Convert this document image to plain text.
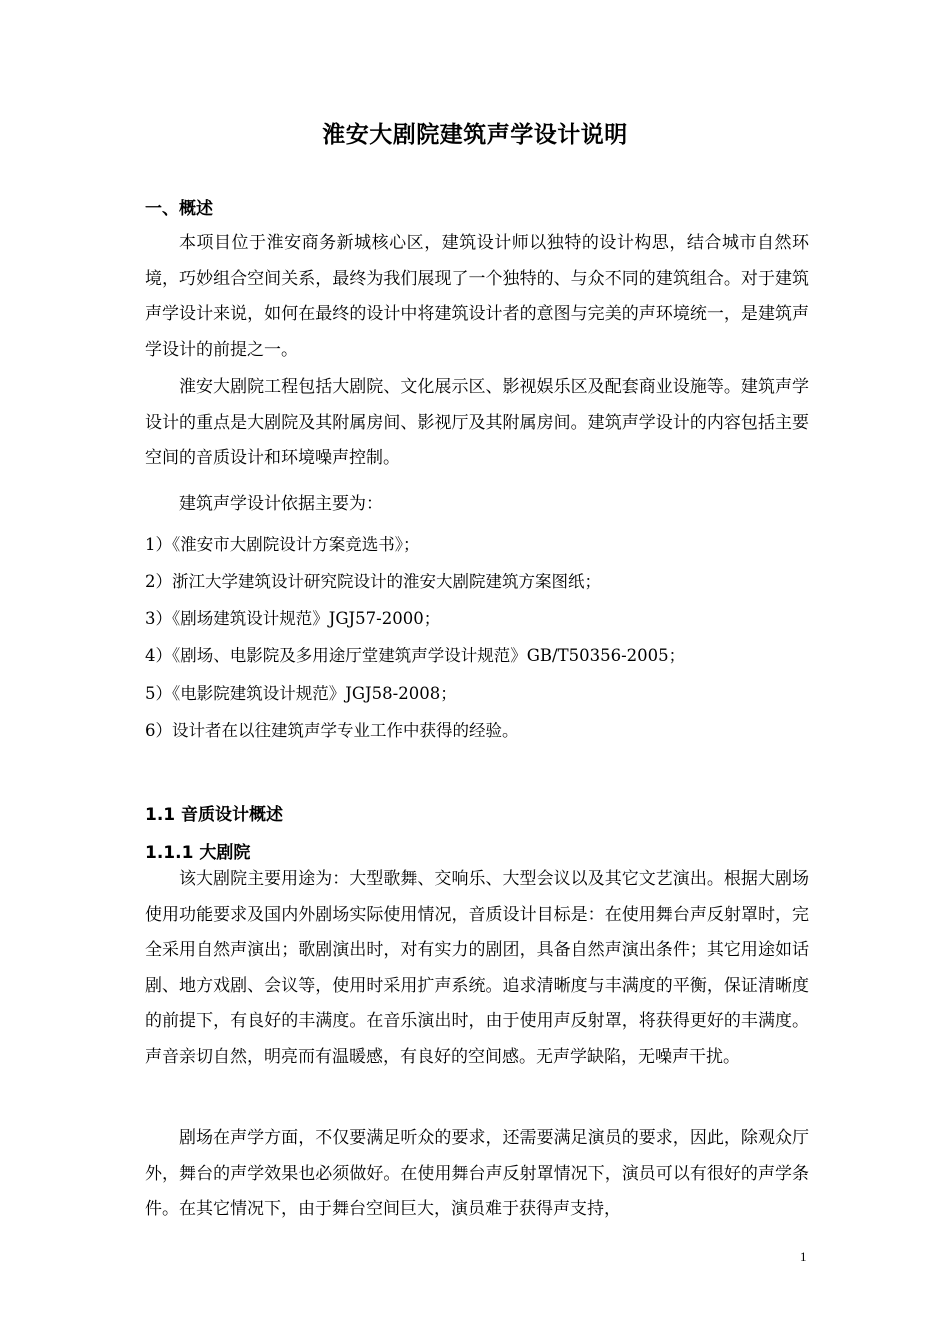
淮安大剧院建筑声学设计说明
一、概述

本项目位于淮安商务新城核心区，建筑设计师以独特的设计构思，结合城市自然环境，巧妙组合空间关系，最终为我们展现了一个独特的、与众不同的建筑组合。对于建筑声学设计来说，如何在最终的设计中将建筑设计者的意图与完美的声环境统一，是建筑声学设计的前提之一。

淮安大剧院工程包括大剧院、文化展示区、影视娱乐区及配套商业设施等。建筑声学设计的重点是大剧院及其附属房间、影视厅及其附属房间。建筑声学设计的内容包括主要空间的音质设计和环境噪声控制。

建筑声学设计依据主要为：

1）《淮安市大剧院设计方案竞选书》；
2）浙江大学建筑设计研究院设计的淮安大剧院建筑方案图纸；
3）《剧场建筑设计规范》JGJ57-2000；
4）《剧场、电影院及多用途厅堂建筑声学设计规范》GB/T50356-2005；
5）《电影院建筑设计规范》JGJ58-2008；
6）设计者在以往建筑声学专业工作中获得的经验。
1.1 音质设计概述
1.1.1 大剧院

该大剧院主要用途为：大型歌舞、交响乐、大型会议以及其它文艺演出。根据大剧场使用功能要求及国内外剧场实际使用情况，音质设计目标是：在使用舞台声反射罩时，完全采用自然声演出；歌剧演出时，对有实力的剧团，具备自然声演出条件；其它用途如话剧、地方戏剧、会议等，使用时采用扩声系统。追求清晰度与丰满度的平衡，保证清晰度的前提下，有良好的丰满度。在音乐演出时，由于使用声反射罩，将获得更好的丰满度。声音亲切自然，明亮而有温暖感，有良好的空间感。无声学缺陷，无噪声干扰。

剧场在声学方面，不仅要满足听众的要求，还需要满足演员的要求，因此，除观众厅外，舞台的声学效果也必须做好。在使用舞台声反射罩情况下，演员可以有很好的声学条件。在其它情况下，由于舞台空间巨大，演员难于获得声支持，

1
